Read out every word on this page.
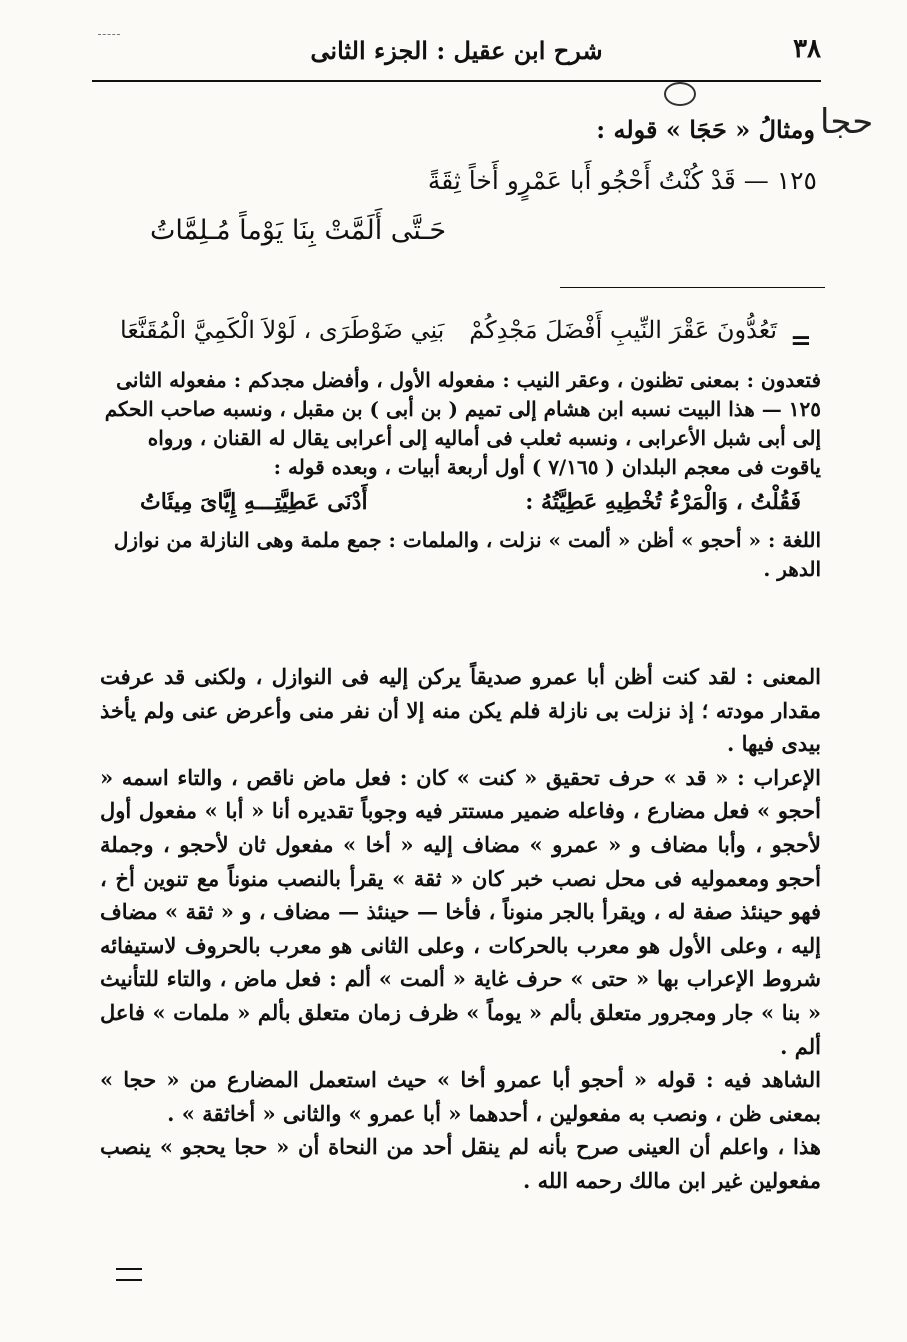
٣٨
شرح ابن عقيل : الجزء الثانى
حجا
ومثالُ « حَجَا » قوله :
١٢٥ — قَدْ كُنْتُ أَحْجُو أَبا عَمْرٍو أَخاً ثِقَةً
حَـتَّى أَلَمَّتْ بِنَا يَوْماً مُـلِمَّاتُ
=
تَعُدُّونَ عَقْرَ النِّيبِ أَفْضَلَ مَجْدِكُمْ
بَنِي ضَوْطَرَى ، لَوْلاَ الْكَمِيَّ الْمُقَنَّعَا

فتعدون : بمعنى تظنون ، وعقر النيب : مفعوله الأول ، وأفضل مجدكم : مفعوله الثانى

١٢٥ — هذا البيت نسبه ابن هشام إلى تميم ( بن أبى ) بن مقبل ، ونسبه صاحب الحكم إلى أبى شبل الأعرابى ، ونسبه ثعلب فى أماليه إلى أعرابى يقال له القنان ، ورواه ياقوت فى معجم البلدان ( ٧/١٦٥ ) أول أربعة أبيات ، وبعده قوله :

فَقُلْتُ ، وَالْمَرْءُ تُخْطِيهِ عَطِيَّتُهُ :
أَدْنَى عَطِيَّتِـــهِ إِيَّاىَ مِيئَاتُ

اللغة : « أحجو » أظن « ألمت » نزلت ، والملمات : جمع ملمة وهى النازلة من نوازل الدهر .

المعنى : لقد كنت أظن أبا عمرو صديقاً يركن إليه فى النوازل ، ولكنى قد عرفت مقدار مودته ؛ إذ نزلت بى نازلة فلم يكن منه إلا أن نفر منى وأعرض عنى ولم يأخذ بيدى فيها .

الإعراب : « قد » حرف تحقيق « كنت » كان : فعل ماض ناقص ، والتاء اسمه « أحجو » فعل مضارع ، وفاعله ضمير مستتر فيه وجوباً تقديره أنا « أبا » مفعول أول لأحجو ، وأبا مضاف و « عمرو » مضاف إليه « أخا » مفعول ثان لأحجو ، وجملة أحجو ومعموليه فى محل نصب خبر كان « ثقة » يقرأ بالنصب منوناً مع تنوين أخ ، فهو حينئذ صفة له ، ويقرأ بالجر منوناً ، فأخا — حينئذ — مضاف ، و « ثقة » مضاف إليه ، وعلى الأول هو معرب بالحركات ، وعلى الثانى هو معرب بالحروف لاستيفائه شروط الإعراب بها « حتى » حرف غاية « ألمت » ألم : فعل ماض ، والتاء للتأنيث « بنا » جار ومجرور متعلق بألم « يوماً » ظرف زمان متعلق بألم « ملمات » فاعل ألم .

الشاهد فيه : قوله « أحجو أبا عمرو أخا » حيث استعمل المضارع من « حجا » بمعنى ظن ، ونصب به مفعولين ، أحدهما « أبا عمرو » والثانى « أخاثقة » .

هذا ، واعلم أن العينى صرح بأنه لم ينقل أحد من النحاة أن « حجا يحجو » ينصب مفعولين غير ابن مالك رحمه الله .
